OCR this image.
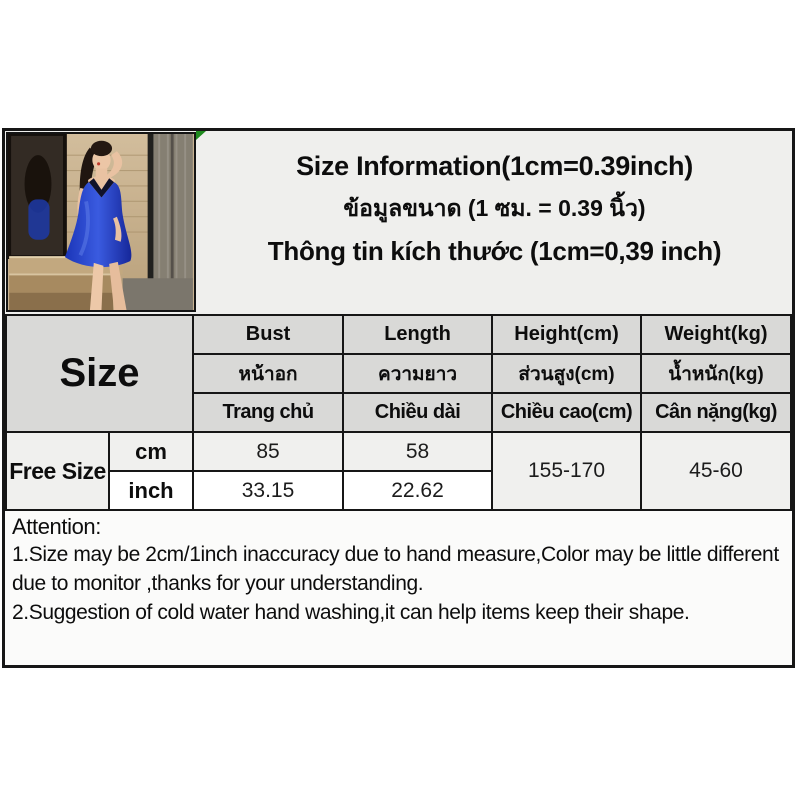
Size Information(1cm=0.39inch)
ข้อมูลขนาด (1 ซม. = 0.39 นิ้ว)
Thông tin kích thước (1cm=0,39 inch)
Size		Bust	Length	Height(cm)	Weight(kg)
		หน้าอก	ความยาว	ส่วนสูง(cm)	น้ำหนัก(kg)
		Trang chủ	Chiều dài	Chiều cao(cm)	Cân nặng(kg)
Free Size	cm	85	58	155-170	45-60
	inch	33.15	22.62		
Attention:
1.Size may be 2cm/1inch inaccuracy due to hand measure,Color may be little different due to monitor ,thanks for your understanding.
2.Suggestion of cold water hand washing,it can help items keep their shape.
